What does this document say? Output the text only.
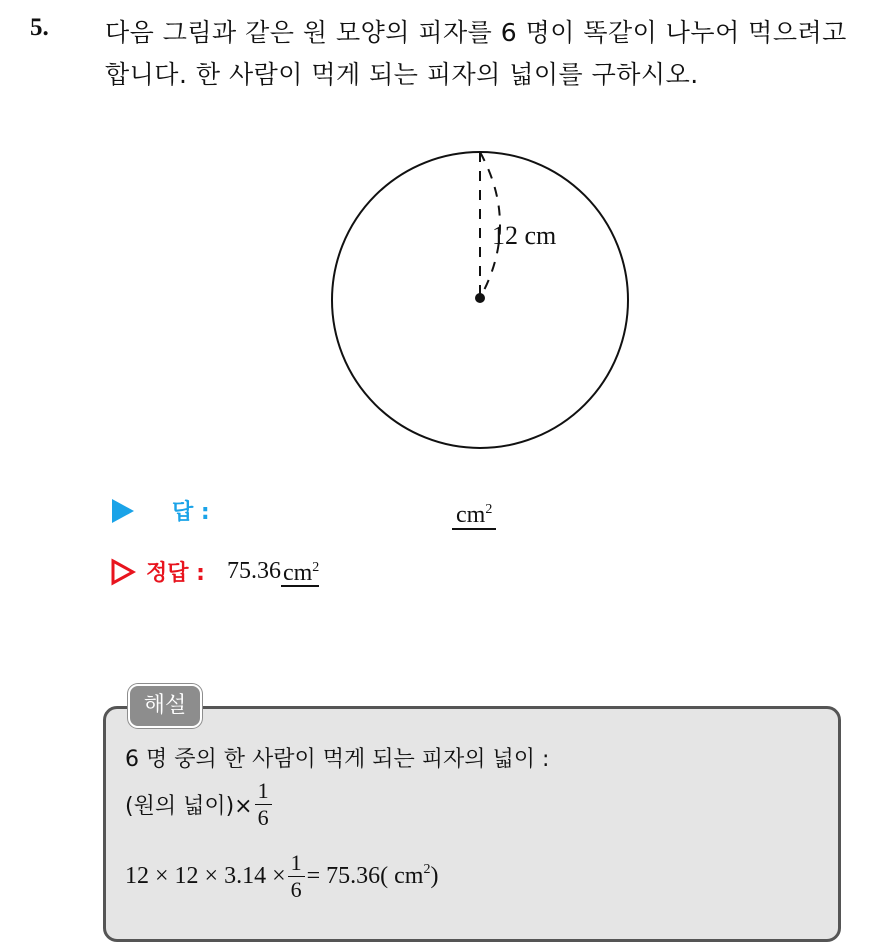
5. 다음 그림과 같은 원 모양의 피자를 6 명이 똑같이 나누어 먹으려고
합니다. 한 사람이 먹게 되는 피자의 넓이를 구하시오.
12 cm
답 :	$cm^2$
정답 : 75.36 $cm^2$
해설
6 명 중의 한 사람이 먹게 되는 피자의 넓이 :
(원의 넓이)× $\frac{1}{6}$
$12 \times 12 \times 3.14 \times \frac{1}{6} = 75.36$( $cm^2$)
